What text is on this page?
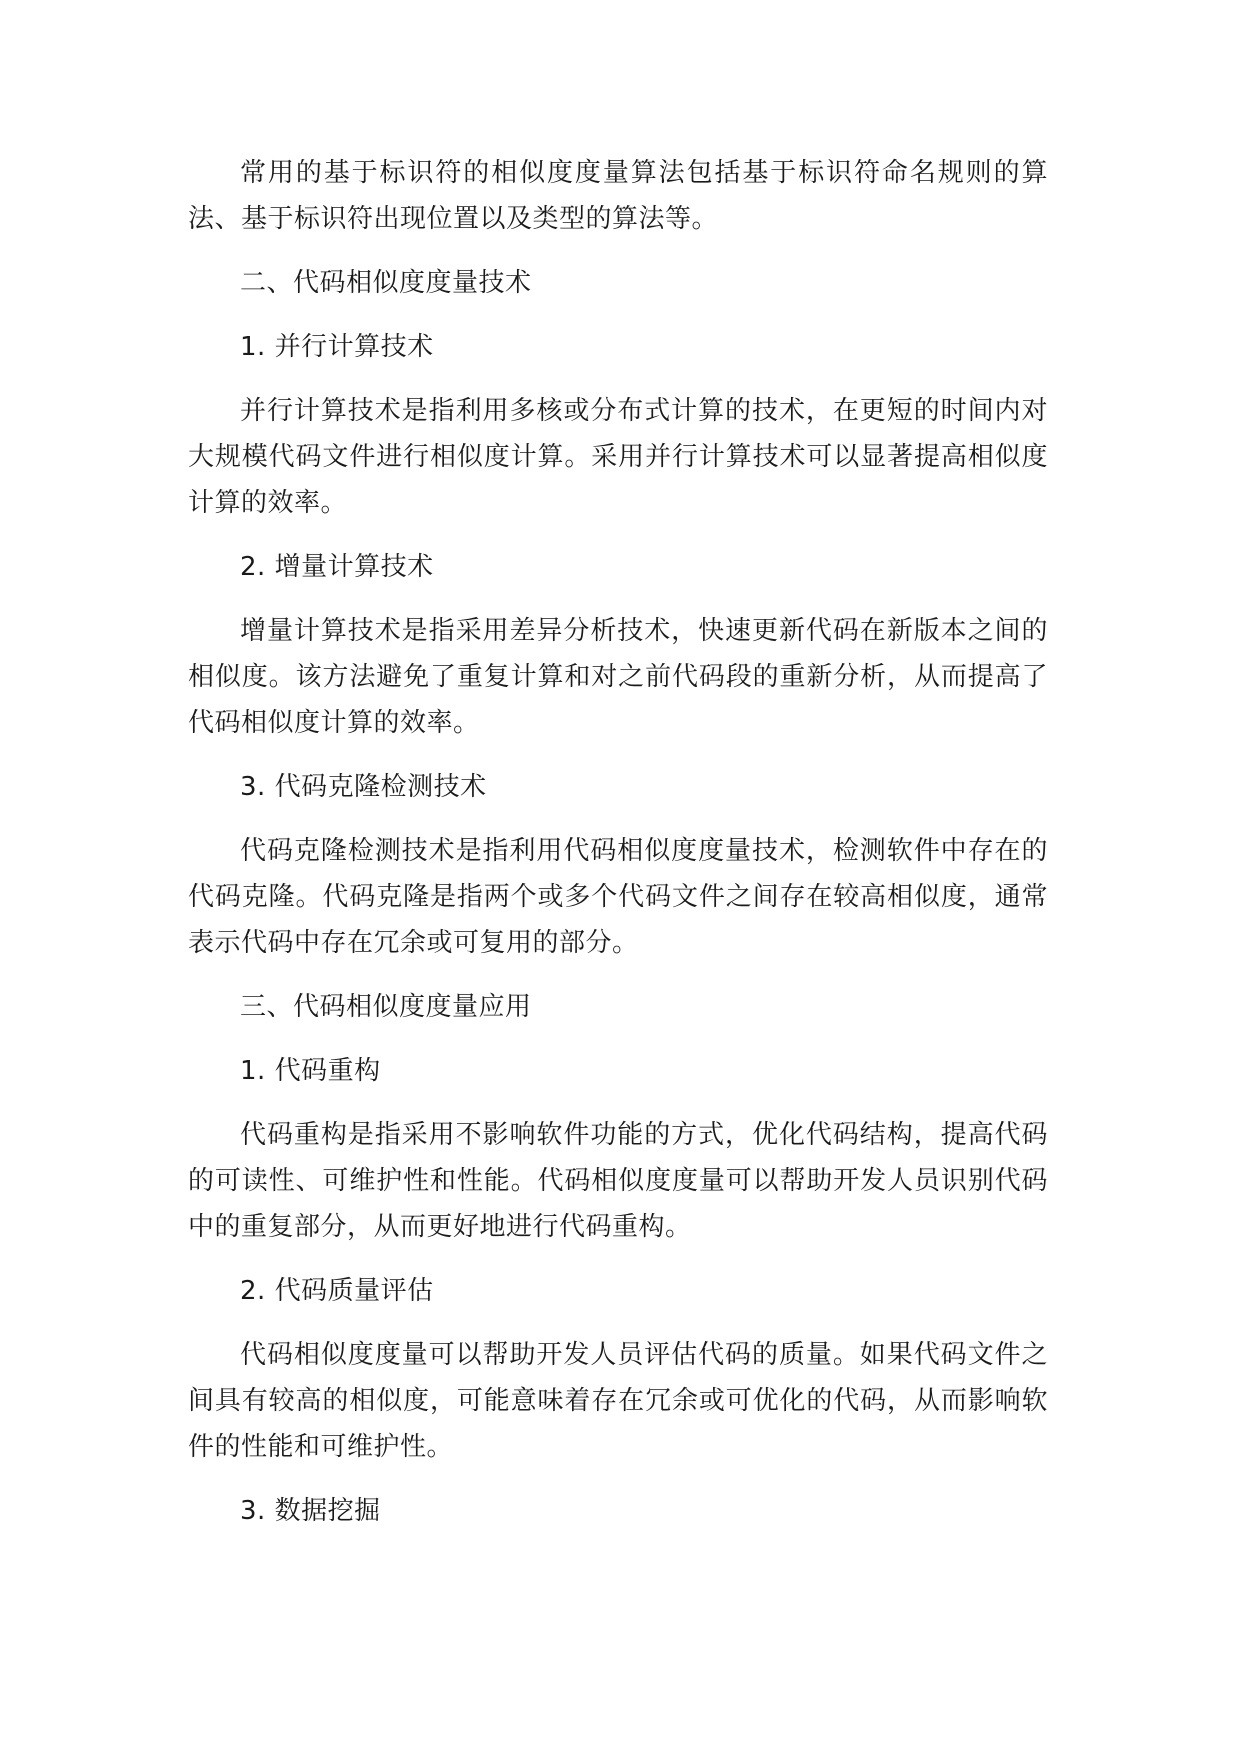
常用的基于标识符的相似度度量算法包括基于标识符命名规则的算法、基于标识符出现位置以及类型的算法等。

二、代码相似度度量技术

1. 并行计算技术

并行计算技术是指利用多核或分布式计算的技术，在更短的时间内对大规模代码文件进行相似度计算。采用并行计算技术可以显著提高相似度计算的效率。

2. 增量计算技术

增量计算技术是指采用差异分析技术，快速更新代码在新版本之间的相似度。该方法避免了重复计算和对之前代码段的重新分析，从而提高了代码相似度计算的效率。

3. 代码克隆检测技术

代码克隆检测技术是指利用代码相似度度量技术，检测软件中存在的代码克隆。代码克隆是指两个或多个代码文件之间存在较高相似度，通常表示代码中存在冗余或可复用的部分。

三、代码相似度度量应用

1. 代码重构

代码重构是指采用不影响软件功能的方式，优化代码结构，提高代码的可读性、可维护性和性能。代码相似度度量可以帮助开发人员识别代码中的重复部分，从而更好地进行代码重构。

2. 代码质量评估

代码相似度度量可以帮助开发人员评估代码的质量。如果代码文件之间具有较高的相似度，可能意味着存在冗余或可优化的代码，从而影响软件的性能和可维护性。

3. 数据挖掘
